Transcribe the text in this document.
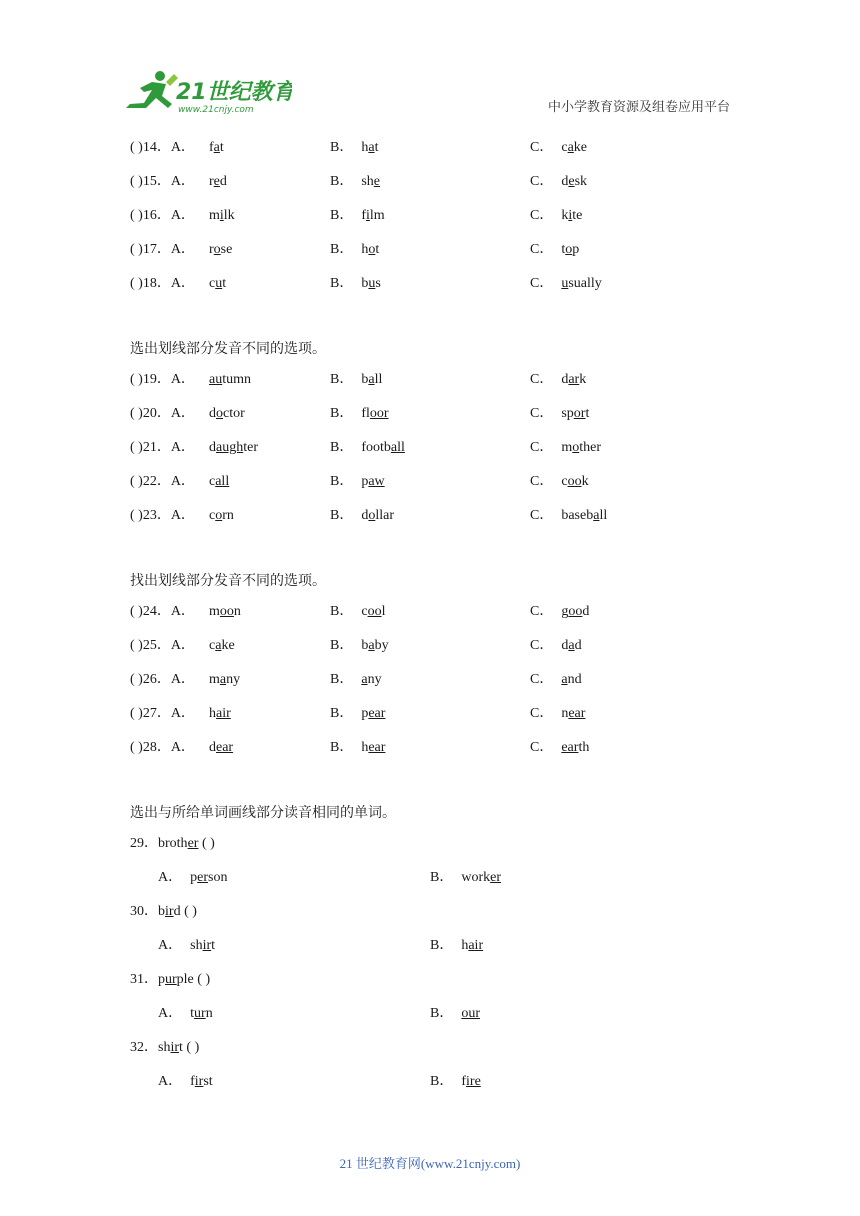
21世纪教育
www.21cnjy.com	中小学教育资源及组卷应用平台
( )14．A． fat	B． hat	C． cake
( )15．A． red	B． she	C． desk
( )16．A． milk	B． film	C． kite
( )17．A． rose	B． hot	C． top
( )18．A． cut	B． bus	C． usually
选出划线部分发音不同的选项。
( )19．A． autumn	B． ball	C． dark
( )20．A． doctor	B． floor	C． sport
( )21．A． daughter	B． football	C． mother
( )22．A． call	B． paw	C． cook
( )23．A． corn	B． dollar	C． baseball
找出划线部分发音不同的选项。
( )24．A． moon	B． cool	C． good
( )25．A． cake	B． baby	C． dad
( )26．A． many	B． any	C． and
( )27．A． hair	B． pear	C． near
( )28．A． dear	B． hear	C． earth
选出与所给单词画线部分读音相同的单词。
29．brother ( )
A． person	B． worker
30．bird ( )
A． shirt	B． hair
31．purple ( )
A． turn	B． our
32．shirt ( )
A． first	B． fire
21 世纪教育网(www.21cnjy.com)
